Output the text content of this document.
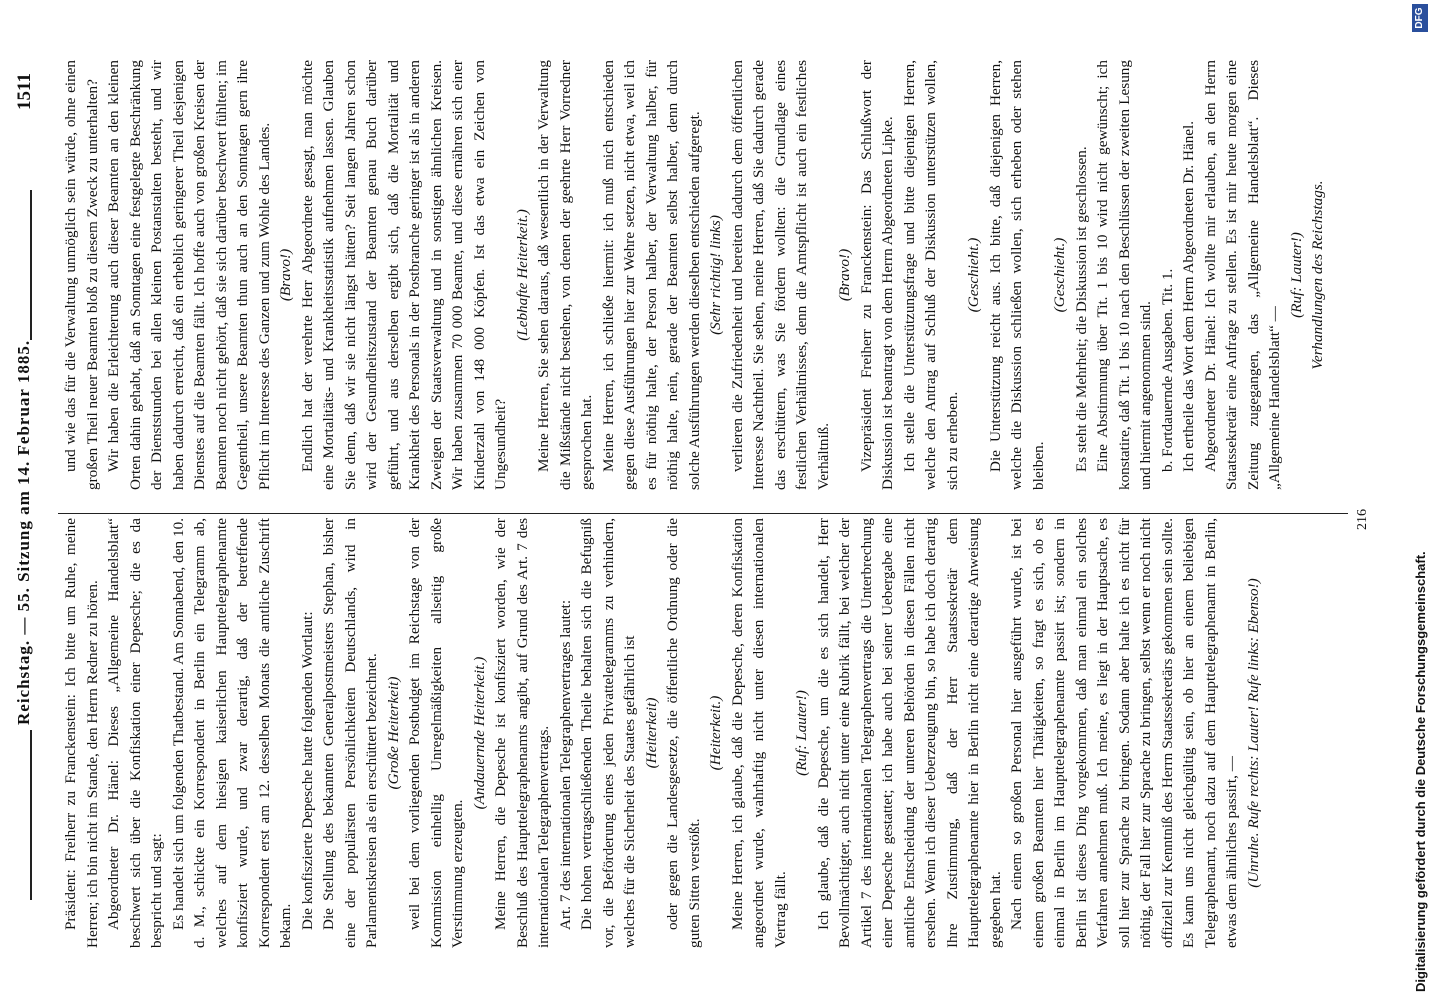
Reichstag. — 55. Sitzung am 14. Februar 1885.
1511

Präsident: Freiherr zu Franckenstein: Ich bitte um Ruhe, meine Herren; ich bin nicht im Stande, den Herrn Redner zu hören. Abgeordneter Dr. Hänel: Dieses „Allgemeine Handelsblatt“ beschwert sich über die Konfiskation einer Depesche; die es da bespricht und sagt: Es handelt sich um folgenden Thatbestand. Am Sonnabend, den 10. d. M., schickte ein Korrespondent in Berlin ein Telegramm ab, welches auf dem hiesigen kaiserlichen Haupttelegraphenamte konfisziert wurde, und zwar derartig, daß der betreffende Korrespondent erst am 12. desselben Monats die amtliche Zuschrift bekam. Die konfiszierte Depesche hatte folgenden Wortlaut: Die Stellung des bekannten Generalpostmeisters Stephan, bisher eine der populärsten Persönlichkeiten Deutschlands, wird in Parlamentskreisen als ein erschüttert bezeichnet. (Große Heiterkeit) weil bei dem vorliegenden Postbudget im Reichstage von der Kommission einhellig Unregelmäßigkeiten allseitig große Verstimmung erzeugten.

(Andauernde Heiterkeit.) Meine Herren, die Depesche ist konfisziert worden, wie der Beschluß des Haupttelegraphenamts angibt, auf Grund des Art. 7 des internationalen Telegraphenvertrags. Art. 7 des internationalen Telegraphenvertrages lautet: Die hohen vertragschließenden Theile behalten sich die Befugniß vor, die Beförderung eines jeden Privattelegramms zu verhindern, welches für die Sicherheit des Staates gefährlich ist (Heiterkeit) oder gegen die Landesgesetze, die öffentliche Ordnung oder die guten Sitten verstößt.

(Heiterkeit.) Meine Herren, ich glaube, daß die Depesche, deren Konfiskation angeordnet wurde, wahrhaftig nicht unter diesen internationalen Vertrag fällt.

(Ruf: Lauter!) Ich glaube, daß die Depesche, um die es sich handelt, Herr Bevollmächtigter, auch nicht unter eine Rubrik fällt, bei welcher der Artikel 7 des internationalen Telegraphenvertrags die Unterbrechung einer Depesche gestattet; ich habe auch bei seiner Uebergabe eine amtliche Entscheidung der unteren Behörden in diesen Fällen nicht ersehen. Wenn ich dieser Ueberzeugung bin, so habe ich doch derartig Ihre Zustimmung, daß der Herr Staatssekretär dem Haupttelegraphenamte hier in Berlin nicht eine derartige Anweisung gegeben hat. Nach einem so großen Personal hier ausgeführt wurde, ist bei einem großen Beamten hier Thätigkeiten, so fragt es sich, ob es einmal in Berlin im Haupttelegraphenamte passirt ist; sondern in Berlin ist dieses Ding vorgekommen, daß man einmal ein solches Verfahren annehmen muß. Ich meine, es liegt in der Hauptsache, es soll hier zur Sprache zu bringen. Sodann aber halte ich es nicht für nöthig, der Fall hier zur Sprache zu bringen, selbst wenn er noch nicht offiziell zur Kenntniß des Herrn Staatssekretärs gekommen sein sollte. Es kann uns nicht gleichgültig sein, ob hier an einem beliebigen Telegraphenamt, noch dazu auf dem Haupttelegraphenamt in Berlin, etwas dem ähnliches passirt, — (Unruhe. Rufe rechts: Lauter! Rufe links: Ebenso!)

und wie das für die Verwaltung unmöglich sein würde, ohne einen großen Theil neuer Beamten bloß zu diesem Zweck zu unterhalten? Wir haben die Erleichterung auch dieser Beamten an den kleinen Orten dahin gehabt, daß an Sonntagen eine festgelegte Beschränkung der Dienststunden bei allen kleinen Postanstalten besteht, und wir haben dadurch erreicht, daß ein erheblich geringerer Theil desjenigen Dienstes auf die Beamten fällt. Ich hoffe auch von großen Kreisen der Beamten noch nicht gehört, daß sie sich darüber beschwert fühlten; im Gegentheil, unsere Beamten thun auch an den Sonntagen gern ihre Pflicht im Interesse des Ganzen und zum Wohle des Landes. (Bravo!) Endlich hat der verehrte Herr Abgeordnete gesagt, man möchte eine Mortalitäts- und Krankheitsstatistik aufnehmen lassen. Glauben Sie denn, daß wir sie nicht längst hätten? Seit langen Jahren schon wird der Gesundheitszustand der Beamten genau Buch darüber geführt, und aus derselben ergibt sich, daß die Mortalität und Krankheit des Personals in der Postbranche geringer ist als in anderen Zweigen der Staatsverwaltung und in sonstigen ähnlichen Kreisen. Wir haben zusammen 70 000 Beamte, und diese ernähren sich einer Kinderzahl von 148 000 Köpfen. Ist das etwa ein Zeichen von Ungesundheit?

(Lebhafte Heiterkeit.) Meine Herren, Sie sehen daraus, daß wesentlich in der Verwaltung die Mißstände nicht bestehen, von denen der geehrte Herr Vorredner gesprochen hat. Meine Herren, ich schließe hiermit: ich muß mich entschieden gegen diese Ausführungen hier zur Wehre setzen, nicht etwa, weil ich es für nöthig halte, der Person halber, der Verwaltung halber, für nöthig halte, nein, gerade der Beamten selbst halber, denn durch solche Ausführungen werden dieselben entschieden aufgeregt. (Sehr richtig! links) verlieren die Zufriedenheit und bereiten dadurch dem öffentlichen Interesse Nachtheil. Sie sehen, meine Herren, daß Sie dadurch gerade das erschüttern, was Sie fördern wollten: die Grundlage eines festlichen Verhältnisses, denn die Amtspflicht ist auch ein festliches Verhältniß.

(Bravo!) Vizepräsident Freiherr zu Franckenstein: Das Schlußwort der Diskussion ist beantragt von dem Herrn Abgeordneten Lipke. Ich stelle die Unterstützungsfrage und bitte diejenigen Herren, welche den Antrag auf Schluß der Diskussion unterstützen wollen, sich zu erheben.

(Geschieht.) Die Unterstützung reicht aus. Ich bitte, daß diejenigen Herren, welche die Diskussion schließen wollen, sich erheben oder stehen bleiben.

(Geschieht.) Es steht die Mehrheit; die Diskussion ist geschlossen. Eine Abstimmung über Tit. 1 bis 10 wird nicht gewünscht; ich konstatire, daß Tit. 1 bis 10 nach den Beschlüssen der zweiten Lesung und hiermit angenommen sind. b. Fortdauernde Ausgaben. Tit. 1. Ich ertheile das Wort dem Herrn Abgeordneten Dr. Hänel. Abgeordneter Dr. Hänel: Ich wollte mir erlauben, an den Herrn Staatssekretär eine Anfrage zu stellen. Es ist mir heute morgen eine Zeitung zugegangen, das „Allgemeine Handelsblatt“. Dieses „Allgemeine Handelsblatt“ —

(Ruf: Lauter!) Verhandlungen des Reichstags.

216
Digitalisierung gefördert durch die Deutsche Forschungsgemeinschaft.
DFG
